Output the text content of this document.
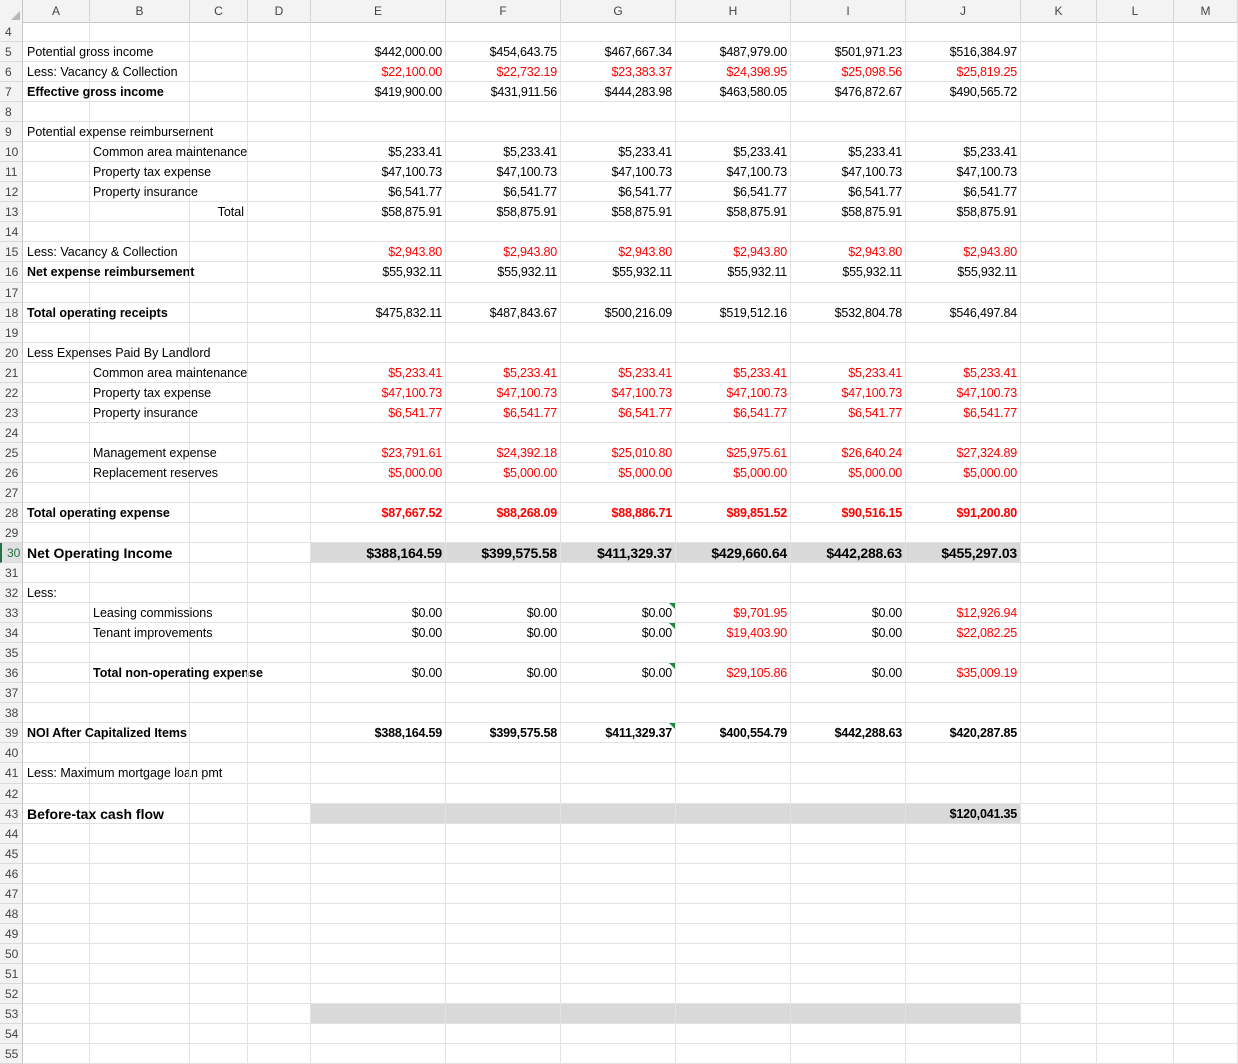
A	B	C	D	E	F	G	H	I	J	K	L	M
4
5	Potential gross income	$442,000.00	$454,643.75	$467,667.34	$487,979.00	$501,971.23	$516,384.97
6	Less: Vacancy & Collection	$22,100.00	$22,732.19	$23,383.37	$24,398.95	$25,098.56	$25,819.25
7	Effective gross income	$419,900.00	$431,911.56	$444,283.98	$463,580.05	$476,872.67	$490,565.72
8
9	Potential expense reimbursement
10	Common area maintenance	$5,233.41	$5,233.41	$5,233.41	$5,233.41	$5,233.41	$5,233.41
11	Property tax expense	$47,100.73	$47,100.73	$47,100.73	$47,100.73	$47,100.73	$47,100.73
12	Property insurance	$6,541.77	$6,541.77	$6,541.77	$6,541.77	$6,541.77	$6,541.77
13	Total	$58,875.91	$58,875.91	$58,875.91	$58,875.91	$58,875.91	$58,875.91
14
15 Less: Vacancy & Collection	$2,943.80	$2,943.80	$2,943.80	$2,943.80	$2,943.80	$2,943.80
16 Net expense reimbursement	$55,932.11	$55,932.11	$55,932.11	$55,932.11	$55,932.11	$55,932.11
17
18 Total operating receipts	$475,832.11	$487,843.67	$500,216.09	$519,512.16	$532,804.78	$546,497.84
19
20 Less Expenses Paid By Landlord
21	Common area maintenance	$5,233.41	$5,233.41	$5,233.41	$5,233.41	$5,233.41	$5,233.41
22	Property tax expense	$47,100.73	$47,100.73	$47,100.73	$47,100.73	$47,100.73	$47,100.73
23	Property insurance	$6,541.77	$6,541.77	$6,541.77	$6,541.77	$6,541.77	$6,541.77
24
25	Management expense	$23,791.61	$24,392.18	$25,010.80	$25,975.61	$26,640.24	$27,324.89
26	Replacement reserves	$5,000.00	$5,000.00	$5,000.00	$5,000.00	$5,000.00	$5,000.00
27
28 Total operating expense	$87,667.52	$88,268.09	$88,886.71	$89,851.52	$90,516.15	$91,200.80
29
30 Net Operating Income	$388,164.59	$399,575.58	$411,329.37	$429,660.64	$442,288.63	$455,297.03
31
32 Less:
33	Leasing commissions	$0.00	$0.00	$0.00	$9,701.95	$0.00	$12,926.94
34	Tenant improvements	$0.00	$0.00	$0.00	$19,403.90	$0.00	$22,082.25
35
36	Total non-operating expense	$0.00	$0.00	$0.00	$29,105.86	$0.00	$35,009.19
37
38
39 NOI After Capitalized Items	$388,164.59	$399,575.58	$411,329.37	$400,554.79	$442,288.63	$420,287.85
40
41 Less: Maximum mortgage loan pmt
42
43 Before-tax cash flow	$120,041.35
44
45
46
47
48
49
50
51
52
53
54
55
